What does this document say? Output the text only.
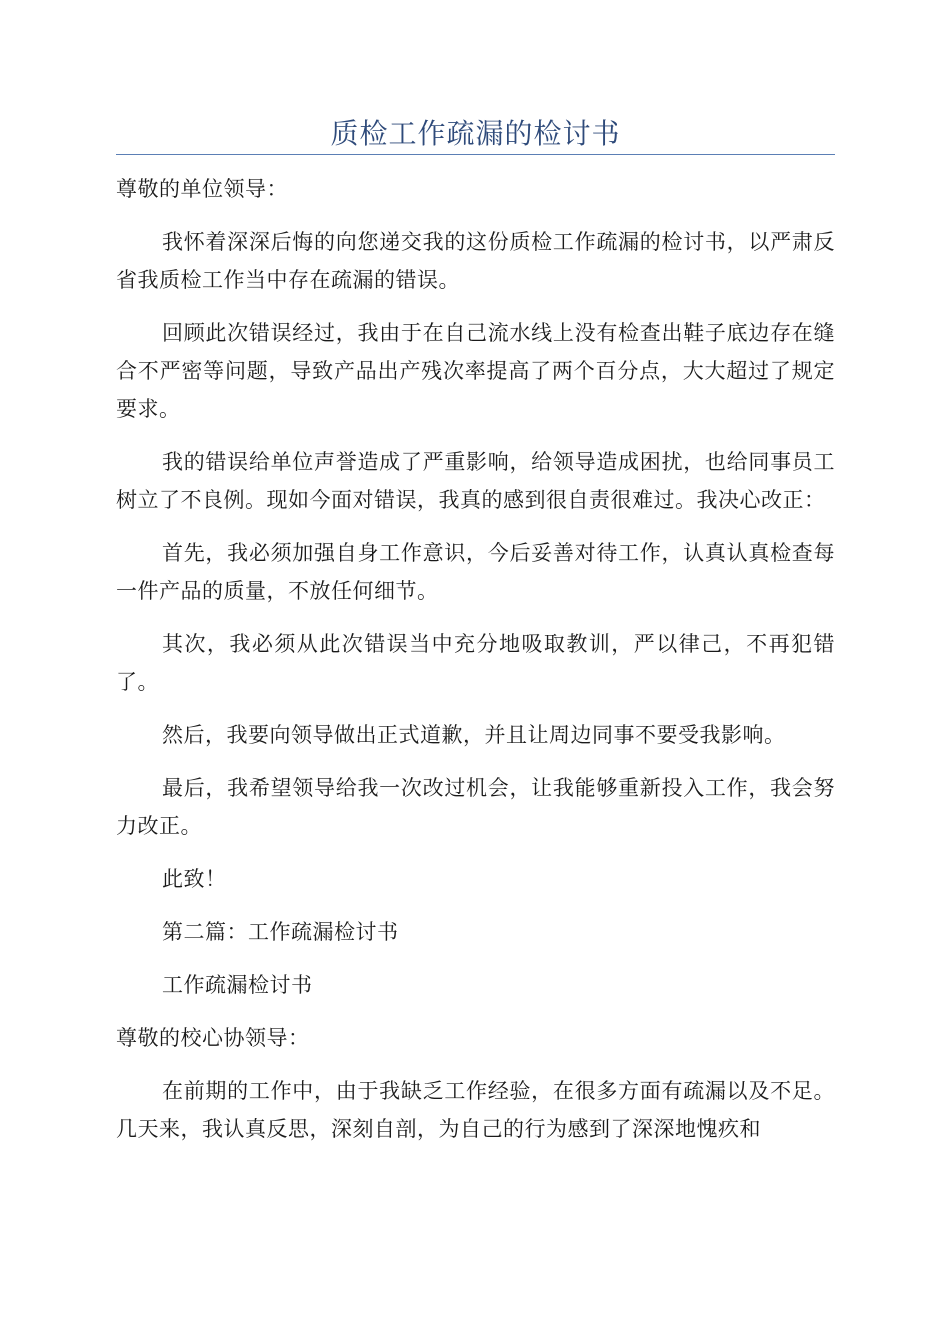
质检工作疏漏的检讨书

尊敬的单位领导：

我怀着深深后悔的向您递交我的这份质检工作疏漏的检讨书，以严肃反省我质检工作当中存在疏漏的错误。

回顾此次错误经过，我由于在自己流水线上没有检查出鞋子底边存在缝合不严密等问题，导致产品出产残次率提高了两个百分点，大大超过了规定要求。

我的错误给单位声誉造成了严重影响，给领导造成困扰，也给同事员工树立了不良例。现如今面对错误，我真的感到很自责很难过。我决心改正：

首先，我必须加强自身工作意识，今后妥善对待工作，认真认真检查每一件产品的质量，不放任何细节。

其次，我必须从此次错误当中充分地吸取教训，严以律己，不再犯错了。

然后，我要向领导做出正式道歉，并且让周边同事不要受我影响。

最后，我希望领导给我一次改过机会，让我能够重新投入工作，我会努力改正。

此致！

第二篇：工作疏漏检讨书

工作疏漏检讨书

尊敬的校心协领导：

在前期的工作中，由于我缺乏工作经验，在很多方面有疏漏以及不足。几天来，我认真反思，深刻自剖，为自己的行为感到了深深地愧疚和
